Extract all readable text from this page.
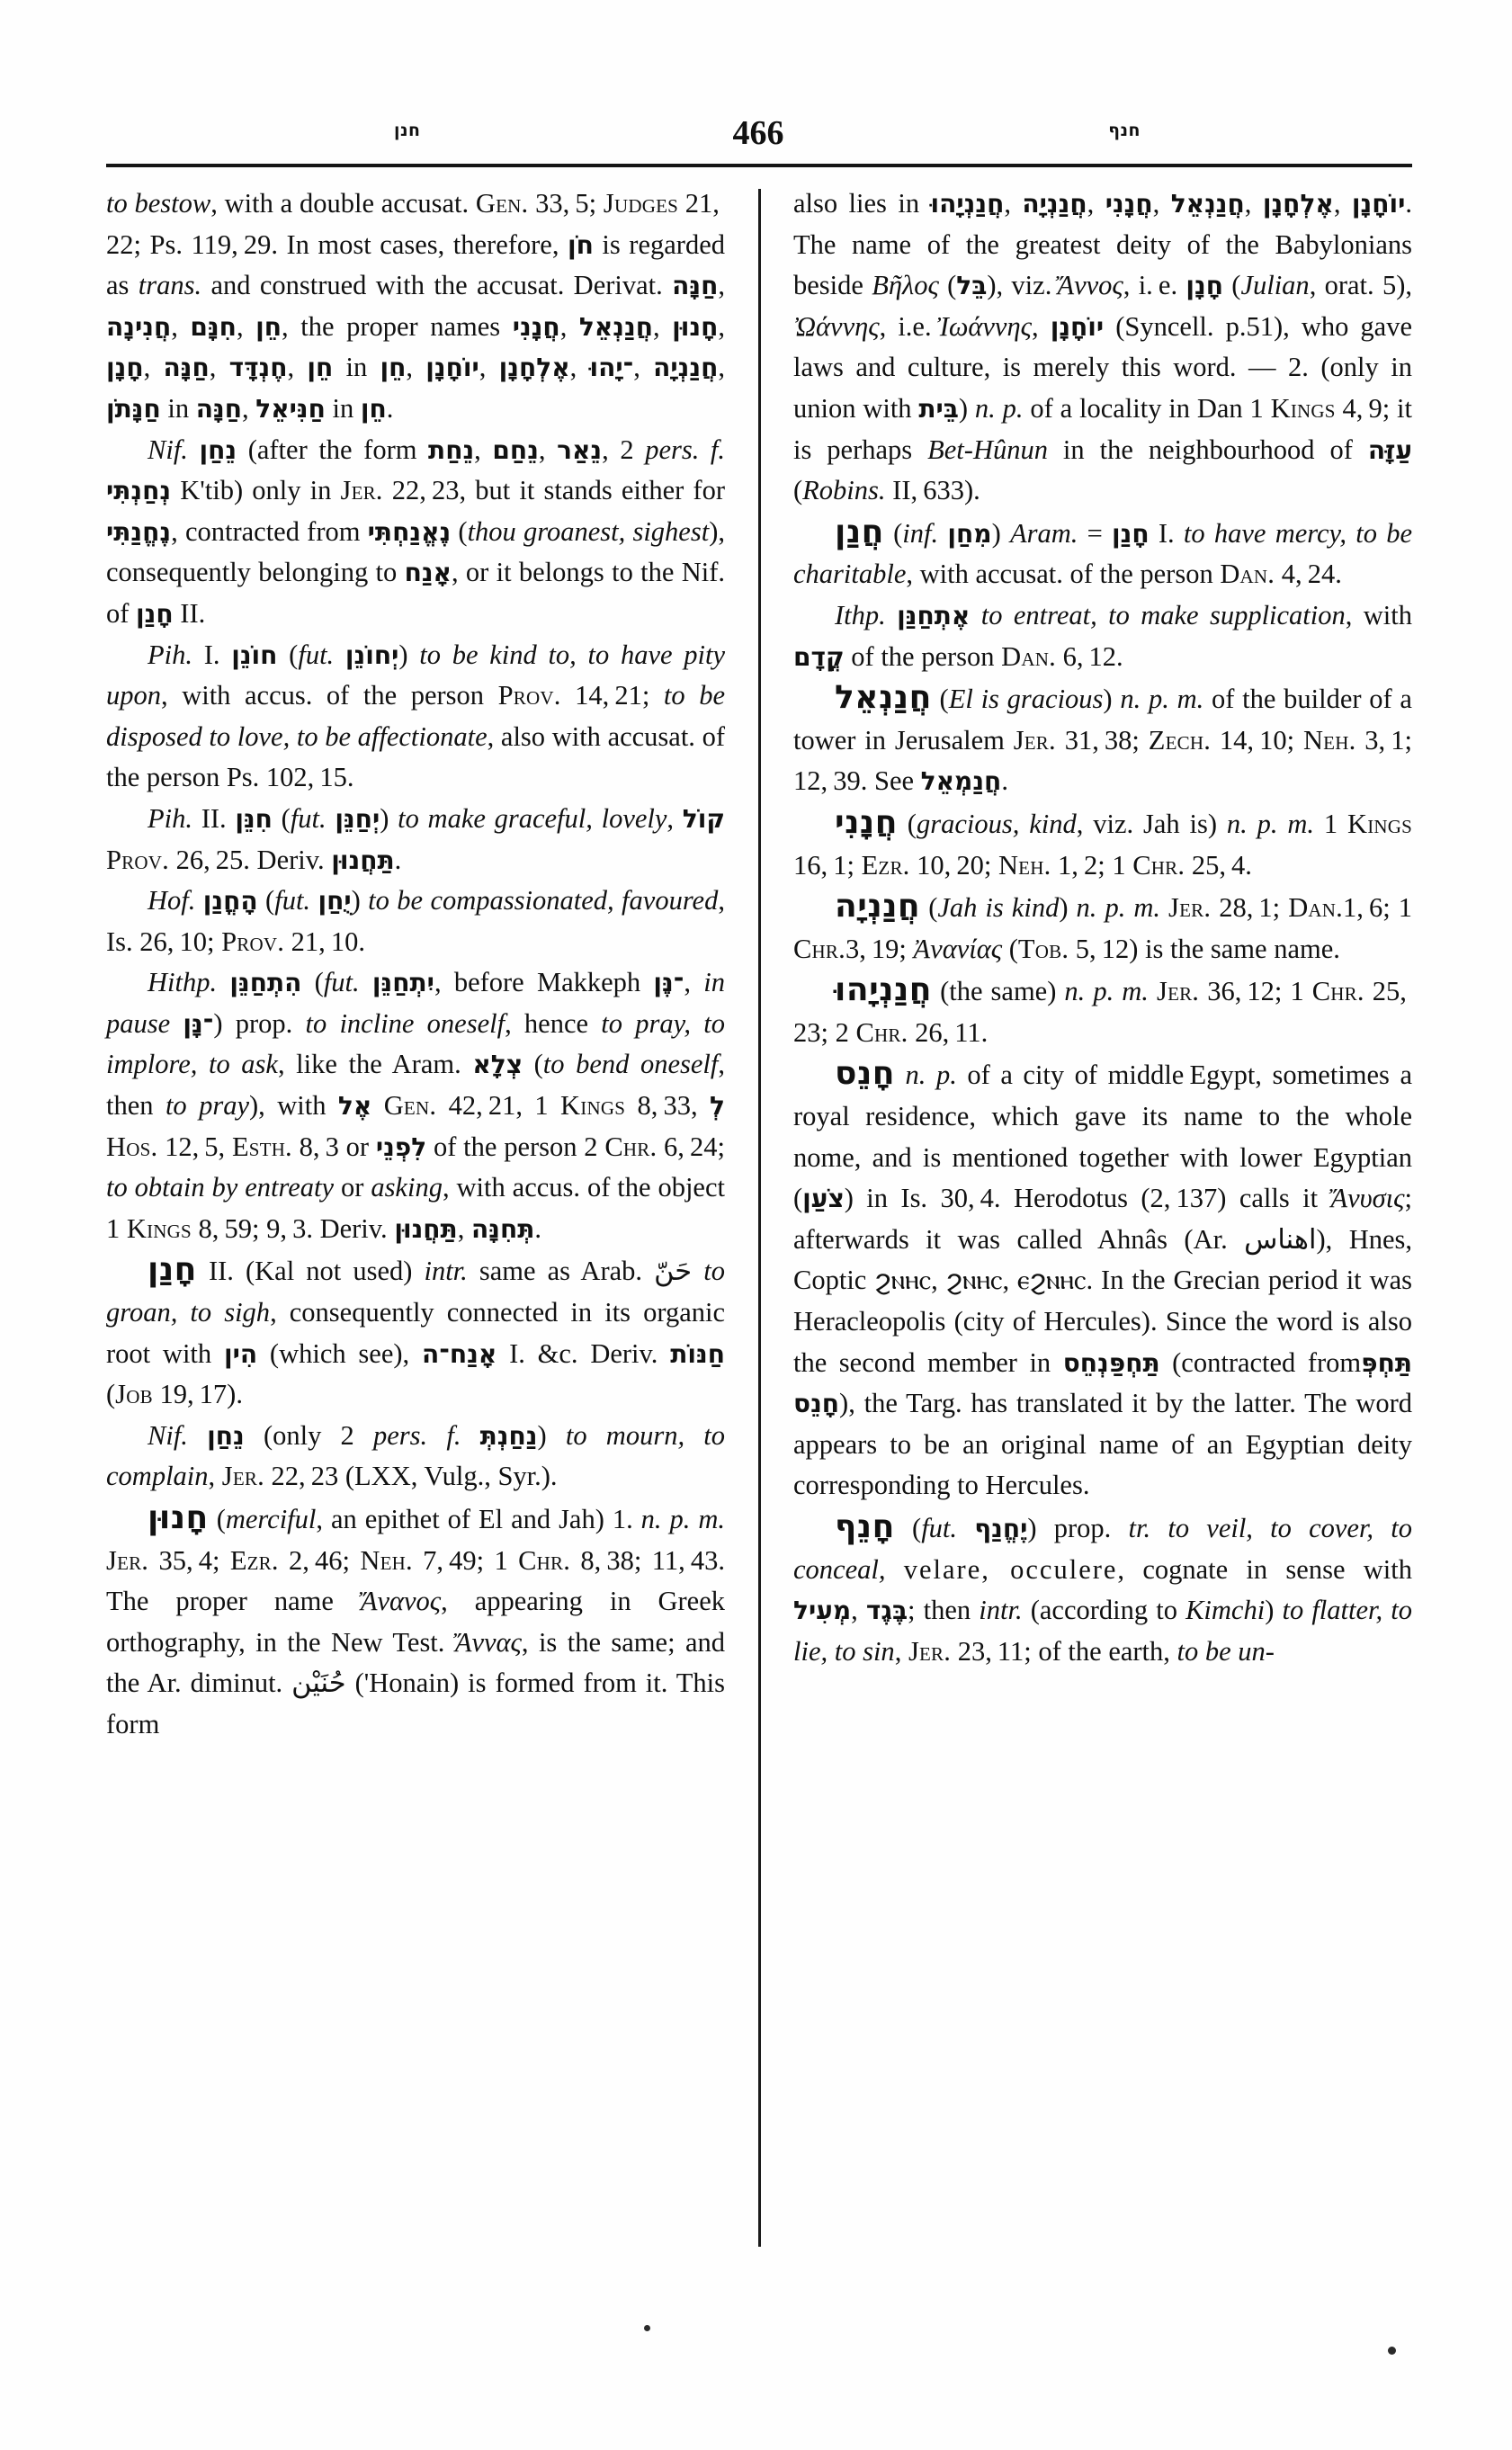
חנן	466	חנף

to bestow, with a double accusat. Gen. 33, 5; Judges 21, 22; Ps. 119, 29. In most cases, therefore, חֹן is regarded as trans. and construed with the accusat. Derivat. חַנָּה, חֲנִינָה, חִנָּם, חֵן, the proper names חֲנָנִי, חֲנַנְאֵל, חָנוּן, חָנָן, חַנָּה, חֶנְדָּד, חֵן in חֵן, יוֹחָנָן, אֶלְחָנָן, ־יָהוּ, חֲנַנְיָה, חַנָּתֹן in חַנָּה, חַנִּיאֵל in חֵן.

Nif. נֵחַן (after the form נֵחַת, נֵחַם, נֵאַר, 2 pers. f. נְחַנְתִּי K'tib) only in Jer. 22, 23, but it stands either for נֶחֱנַתִּי, contracted from נֶאֱנַחְתִּי (thou groanest, sighest), consequently belonging to אָנַח, or it belongs to the Nif. of חָנַן II.

Pih. I. חוֹנֵן (fut. יְחוֹנֵן) to be kind to, to have pity upon, with accus. of the person Prov. 14, 21; to be disposed to love, to be affectionate, also with accusat. of the person Ps. 102, 15.

Pih. II. חִנֵּן (fut. יְחַנֵּן) to make graceful, lovely, קוֹל Prov. 26, 25. Deriv. תַּחֲנוּן.

Hof. הָחֳנַן (fut. יֻחַן) to be compassionated, favoured, Is. 26, 10; Prov. 21, 10.

Hithp. הִתְחַנֵּן (fut. יִתְחַנֵּן, before Makkeph ־נֶּן, in pause ־נָּן) prop. to incline oneself, hence to pray, to implore, to ask, like the Aram. צְלָא (to bend oneself, then to pray), with אֶל Gen. 42, 21, 1 Kings 8, 33, לְ Hos. 12, 5, Esth. 8, 3 or לִפְנֵי of the person 2 Chr. 6, 24; to obtain by entreaty or asking, with accus. of the object 1 Kings 8, 59; 9, 3. Deriv. תַּחֲנוּן, תְּחִנָּה.

חָנַן II. (Kal not used) intr. same as Arab. حَنّ to groan, to sigh, consequently connected in its organic root with הִין (which see), אָנַח־ה I. &c. Deriv. חַנּוֹת (Job 19, 17).

Nif. נֵחַן (only 2 pers. f. נַחַנְתְּ) to mourn, to complain, Jer. 22, 23 (LXX, Vulg., Syr.).

חָנוּן (merciful, an epithet of El and Jah) 1. n. p. m. Jer. 35, 4; Ezr. 2, 46; Neh. 7, 49; 1 Chr. 8, 38; 11, 43. The proper name Ἄνανος, appearing in Greek orthography, in the New Test. Ἄννας, is the same; and the Ar. diminut. حُنَيْن ('Honain) is formed from it. This form

also lies in חֲנַנְיָהוּ, חֲנַנְיָה, חֲנָנִי, חֲנַנְאֵל, אֶלְחָנָן, יוֹחָנָן. The name of the greatest deity of the Babylonians beside Βῆλος (בֵּל), viz. Ἄννος, i. e. חָנָן (Julian, orat. 5), Ὠάννης, i.e. Ἰωάννης, יוֹחָנָן (Syncell. p.51), who gave laws and culture, is merely this word. — 2. (only in union with בֵּית) n. p. of a locality in Dan 1 Kings 4, 9; it is perhaps Bet-Hûnun in the neighbourhood of עַזָּה (Robins. II, 633).

חֲנַן (inf. מִחַן) Aram. = חָנַן I. to have mercy, to be charitable, with accusat. of the person Dan. 4, 24.

Ithp. אֶתְחַנַּן to entreat, to make supplication, with קֳדָם of the person Dan. 6, 12.

חֲנַנְאֵל (El is gracious) n. p. m. of the builder of a tower in Jerusalem Jer. 31, 38; Zech. 14, 10; Neh. 3, 1; 12, 39. See חֲנַמְאֵל.

חֲנָנִי (gracious, kind, viz. Jah is) n. p. m. 1 Kings 16, 1; Ezr. 10, 20; Neh. 1, 2; 1 Chr. 25, 4.

חֲנַנְיָה (Jah is kind) n. p. m. Jer. 28, 1; Dan.1, 6; 1 Chr.3, 19; Ἀνανίας (Tob. 5, 12) is the same name.

חֲנַנְיָהוּ (the same) n. p. m. Jer. 36, 12; 1 Chr. 25, 23; 2 Chr. 26, 11.

חָנֵס n. p. of a city of middle Egypt, sometimes a royal residence, which gave its name to the whole nome, and is mentioned together with lower Egyptian (צֹעַן) in Is. 30, 4. Herodotus (2, 137) calls it Ἄνυσις; afterwards it was called Ahnâs (Ar. اهناس), Hnes, Coptic ϩⲛⲏⲥ, ϩⲛⲏⲥ, ⲉϩⲛⲏⲥ. In the Grecian period it was Heracleopolis (city of Hercules). Since the word is also the second member in תַּחְפַּנְחֵס (contracted fromתַּחְפְּ חָנֵס), the Targ. has translated it by the latter. The word appears to be an original name of an Egyptian deity corresponding to Hercules.

חָנֵף (fut. יֶחֱנַף) prop. tr. to veil, to cover, to conceal, velare, occulere, cognate in sense with מְעִיל, בֶּגֶד; then intr. (according to Kimchi) to flatter, to lie, to sin, Jer. 23, 11; of the earth, to be un-
